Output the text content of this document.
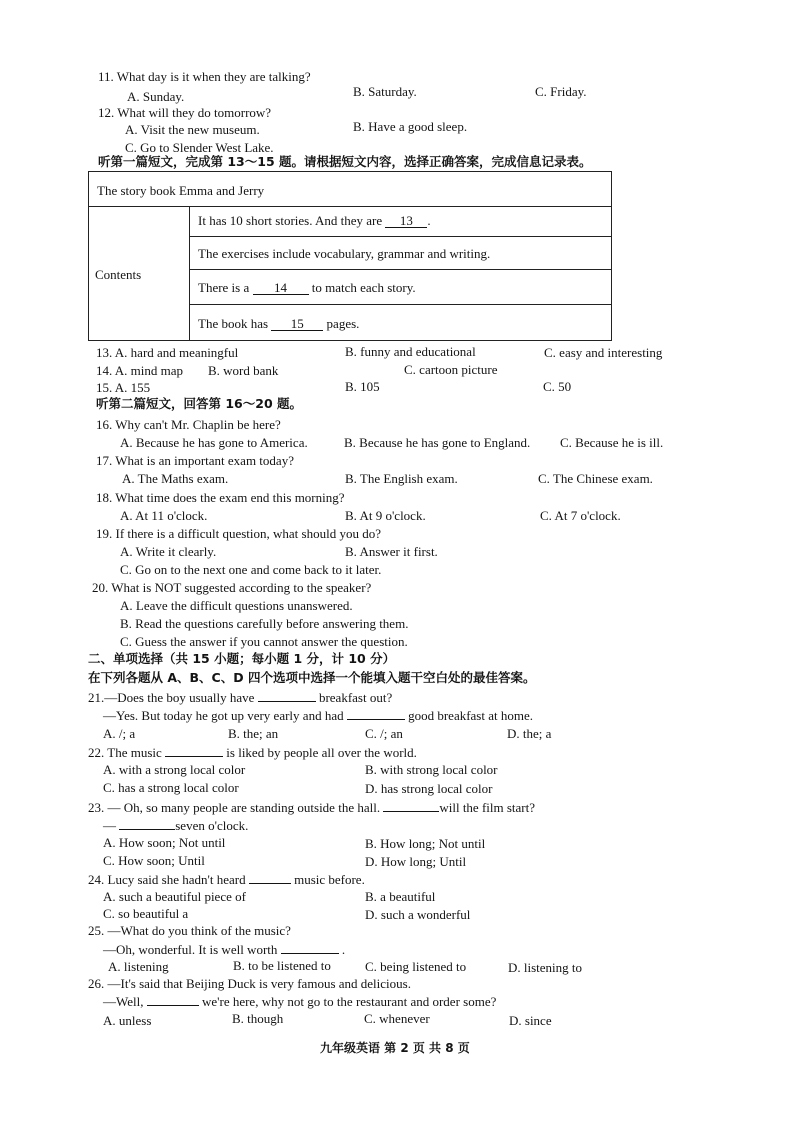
11. What day is it when they are talking?
A. Sunday.	B. Saturday.	C. Friday.
12. What will they do tomorrow?
A. Visit the new museum.	B. Have a good sleep.
C. Go to Slender West Lake.
听第一篇短文，完成第 13～15 题。请根据短文内容，选择正确答案，完成信息记录表。
The story book Emma and Jerry
Contents
It has 10 short stories. And they are 13 .
The exercises include vocabulary, grammar and writing.
There is a 14 to match each story.
The book has 15 pages.
13. A. hard and meaningful	B. funny and educational	C. easy and interesting
14. A. mind map B. word bank	C. cartoon picture
15. A. 155	B. 105	C. 50
听第二篇短文，回答第 16～20 题。
16. Why can't Mr. Chaplin be here?
A. Because he has gone to America.	B. Because he has gone to England. C. Because he is ill.
17. What is an important exam today?
A. The Maths exam.	B. The English exam.	C. The Chinese exam.
18. What time does the exam end this morning?
A. At 11 o'clock.	B. At 9 o'clock.	C. At 7 o'clock.
19. If there is a difficult question, what should you do?
A. Write it clearly.	B. Answer it first.
C. Go on to the next one and come back to it later.
20. What is NOT suggested according to the speaker?
A. Leave the difficult questions unanswered.
B. Read the questions carefully before answering them.
C. Guess the answer if you cannot answer the question.
二、单项选择（共 15 小题；每小题 1 分，计 10 分）
在下列各题从 A、B、C、D 四个选项中选择一个能填入题干空白处的最佳答案。
21.—Does the boy usually have	breakfast out?
—Yes. But today he got up very early and had	good breakfast at home.
A. /; a	B. the; an	C. /; an	D. the; a
22. The music	is liked by people all over the world.
A. with a strong local color	B. with strong local color
C. has a strong local color	D. has strong local color
23. — Oh, so many people are standing outside the hall.	will the film start?
—	seven o'clock.
A. How soon; Not until	B. How long; Not until
C. How soon; Until	D. How long; Until
24. Lucy said she hadn't heard	music before.
A. such a beautiful piece of	B. a beautiful
C. so beautiful a	D. such a wonderful
25. —What do you think of the music?
—Oh, wonderful. It is well worth	.
A. listening	B. to be listened to	C. being listened to	D. listening to
26. —It's said that Beijing Duck is very famous and delicious.
—Well,	we're here, why not go to the restaurant and order some?
A. unless	B. though	C. whenever	D. since
九年级英语 第 2 页 共 8 页
